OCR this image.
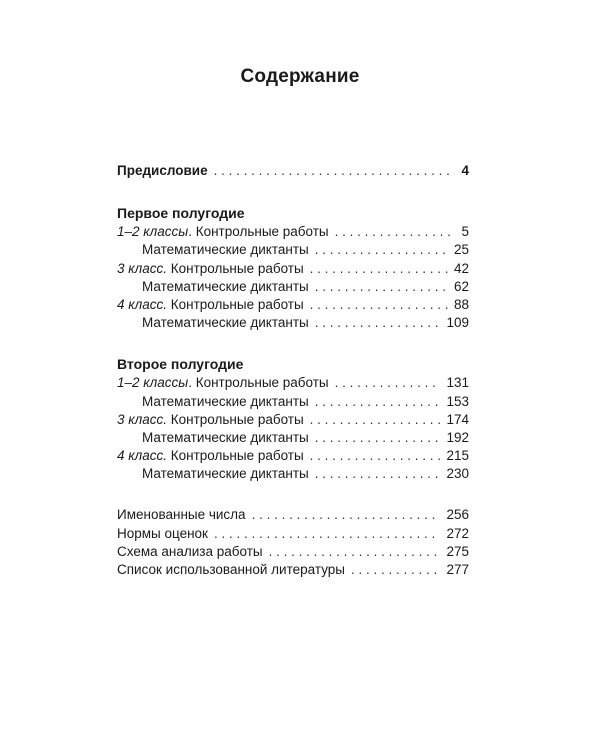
Содержание
Предисловие . . .	4
Первое полугодие
1–2 классы. Контрольные работы . . .	5
Математические диктанты . . .	25
3 класс. Контрольные работы . . .	42
Математические диктанты . . .	62
4 класс. Контрольные работы . . .	88
Математические диктанты . . .	109
Второе полугодие
1–2 классы. Контрольные работы . . .	131
Математические диктанты . . .	153
3 класс. Контрольные работы . . .	174
Математические диктанты . . .	192
4 класс. Контрольные работы . . .	215
Математические диктанты . . .	230
Именованные числа . . .	256
Нормы оценок . . .	272
Схема анализа работы . . .	275
Список использованной литературы . . .	277
